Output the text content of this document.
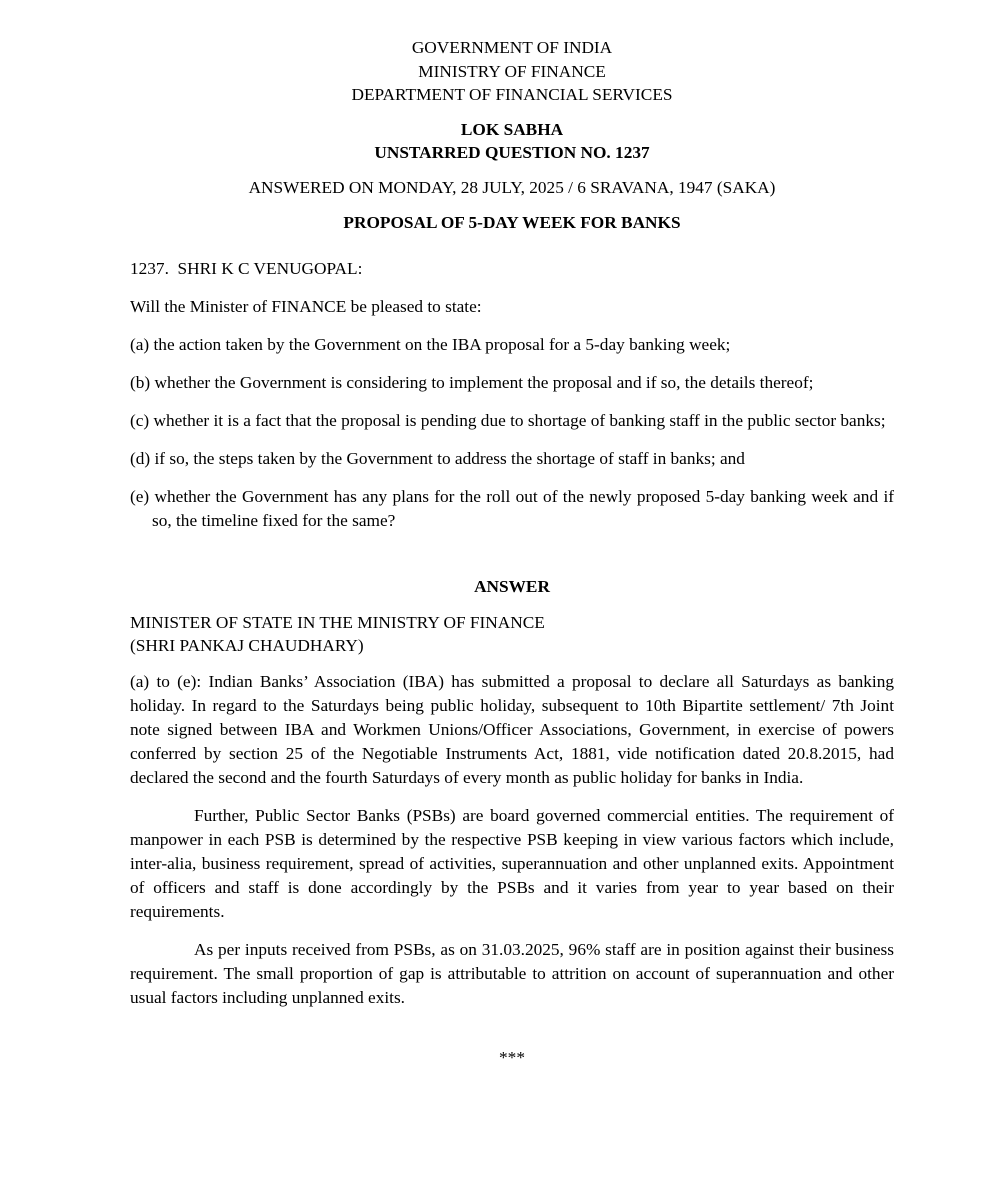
GOVERNMENT OF INDIA
MINISTRY OF FINANCE
DEPARTMENT OF FINANCIAL SERVICES
LOK SABHA
UNSTARRED QUESTION NO. 1237
ANSWERED ON MONDAY, 28 JULY, 2025 / 6 SRAVANA, 1947 (SAKA)
PROPOSAL OF 5-DAY WEEK FOR BANKS
1237.  SHRI K C VENUGOPAL:
Will the Minister of FINANCE be pleased to state:
(a) the action taken by the Government on the IBA proposal for a 5-day banking week;
(b) whether the Government is considering to implement the proposal and if so, the details thereof;
(c) whether it is a fact that the proposal is pending due to shortage of banking staff in the public sector banks;
(d) if so, the steps taken by the Government to address the shortage of staff in banks; and
(e) whether the Government has any plans for the roll out of the newly proposed 5-day banking week and if so, the timeline fixed for the same?
ANSWER
MINISTER OF STATE IN THE MINISTRY OF FINANCE
(SHRI PANKAJ CHAUDHARY)
(a) to (e): Indian Banks’ Association (IBA) has submitted a proposal to declare all Saturdays as banking holiday. In regard to the Saturdays being public holiday, subsequent to 10th Bipartite settlement/ 7th Joint note signed between IBA and Workmen Unions/Officer Associations, Government, in exercise of powers conferred by section 25 of the Negotiable Instruments Act, 1881, vide notification dated 20.8.2015, had declared the second and the fourth Saturdays of every month as public holiday for banks in India.
Further, Public Sector Banks (PSBs) are board governed commercial entities. The requirement of manpower in each PSB is determined by the respective PSB keeping in view various factors which include, inter-alia, business requirement, spread of activities, superannuation and other unplanned exits. Appointment of officers and staff is done accordingly by the PSBs and it varies from year to year based on their requirements.
As per inputs received from PSBs, as on 31.03.2025, 96% staff are in position against their business requirement. The small proportion of gap is attributable to attrition on account of superannuation and other usual factors including unplanned exits.
***
